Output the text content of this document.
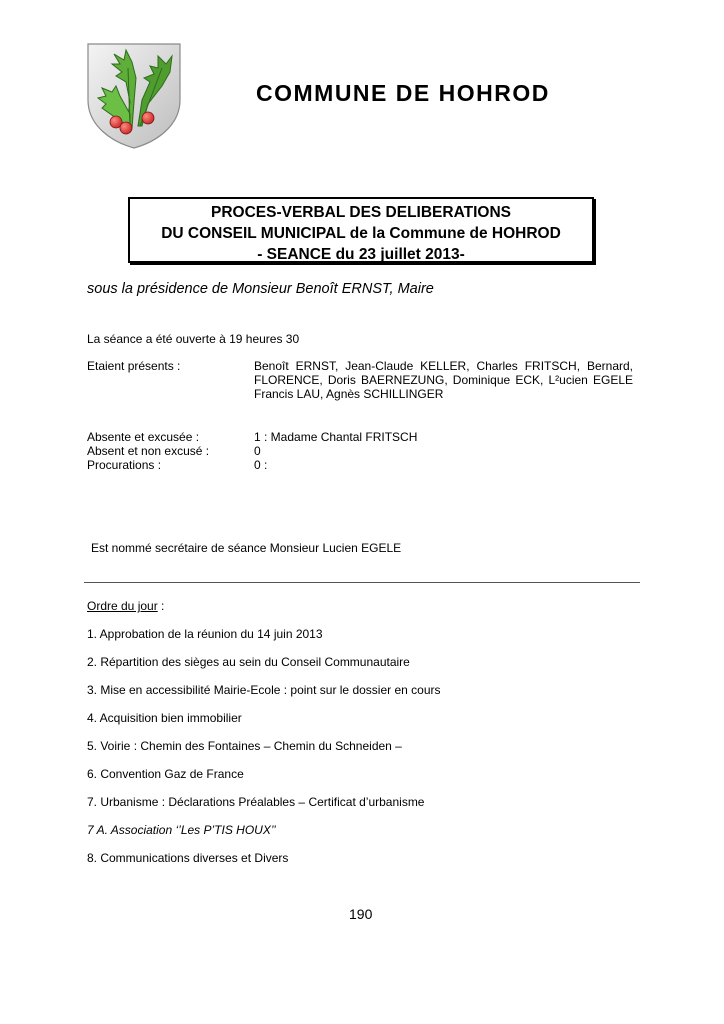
COMMUNE DE HOHROD
PROCES-VERBAL DES DELIBERATIONS
DU CONSEIL MUNICIPAL de la Commune de HOHROD
- SEANCE du 23 juillet 2013-
sous la présidence de Monsieur Benoît ERNST, Maire
La séance a été ouverte à 19 heures 30
Etaient présents :	Benoît ERNST, Jean-Claude KELLER, Charles FRITSCH, Bernard,
FLORENCE, Doris BAERNEZUNG, Dominique ECK, L²ucien EGELE
Francis LAU, Agnès SCHILLINGER
Absente et excusée :	1 : Madame Chantal FRITSCH
Absent et non excusé :	0
Procurations :	0 :
Est nommé secrétaire de séance Monsieur Lucien EGELE
Ordre du jour :
1. Approbation de la réunion du 14 juin 2013
2. Répartition des sièges au sein du Conseil Communautaire
3. Mise en accessibilité Mairie-Ecole : point sur le dossier en cours
4. Acquisition bien immobilier
5. Voirie : Chemin des Fontaines – Chemin du Schneiden –
6. Convention Gaz de France
7. Urbanisme : Déclarations Préalables – Certificat d’urbanisme
7 A. Association ‘’Les P’TIS HOUX’’
8. Communications diverses et Divers
190
